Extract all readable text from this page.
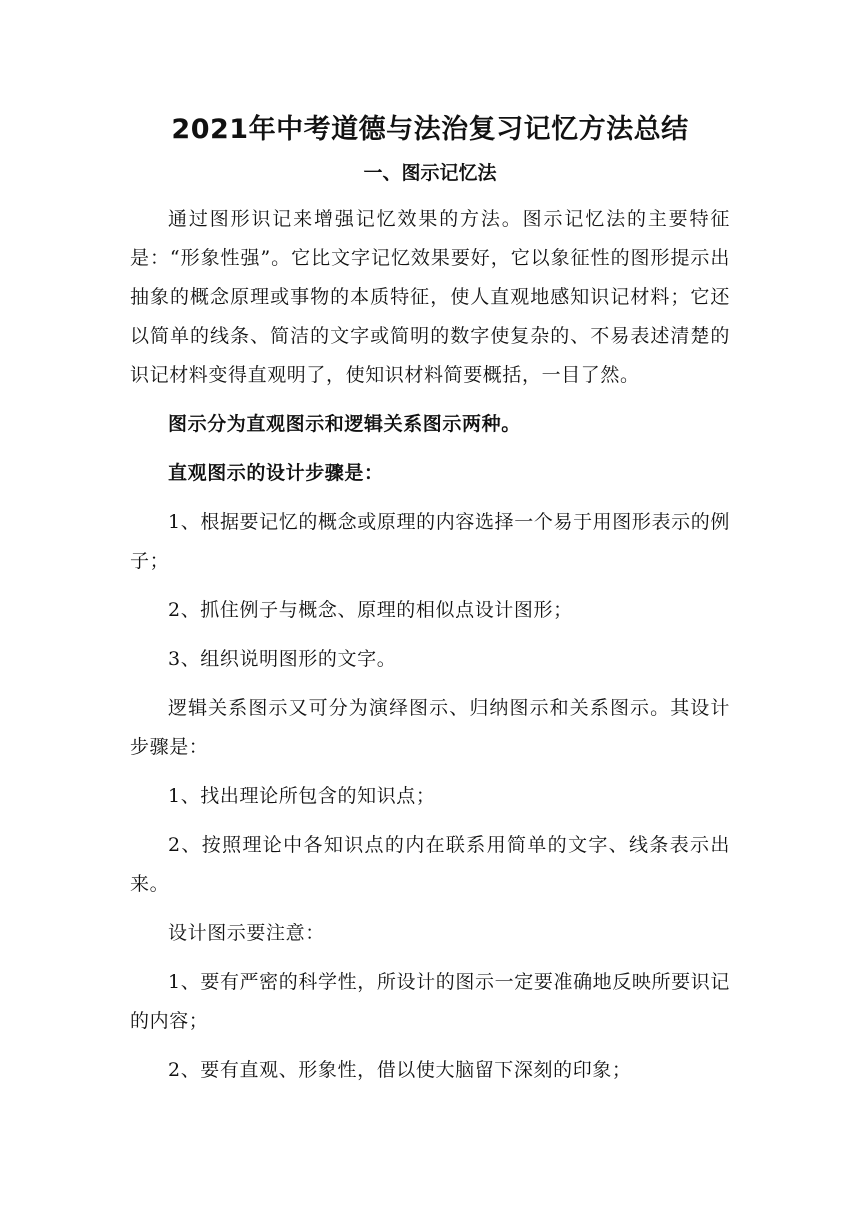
2021年中考道德与法治复习记忆方法总结
一、图示记忆法
通过图形识记来增强记忆效果的方法。图示记忆法的主要特征是：“形象性强”。它比文字记忆效果要好，它以象征性的图形提示出抽象的概念原理或事物的本质特征，使人直观地感知识记材料；它还以简单的线条、简洁的文字或简明的数字使复杂的、不易表述清楚的识记材料变得直观明了，使知识材料简要概括，一目了然。
图示分为直观图示和逻辑关系图示两种。
直观图示的设计步骤是：
1、根据要记忆的概念或原理的内容选择一个易于用图形表示的例子；
2、抓住例子与概念、原理的相似点设计图形；
3、组织说明图形的文字。
逻辑关系图示又可分为演绎图示、归纳图示和关系图示。其设计步骤是：
1、找出理论所包含的知识点；
2、按照理论中各知识点的内在联系用简单的文字、线条表示出来。
设计图示要注意：
1、要有严密的科学性，所设计的图示一定要准确地反映所要识记的内容；
2、要有直观、形象性，借以使大脑留下深刻的印象；
